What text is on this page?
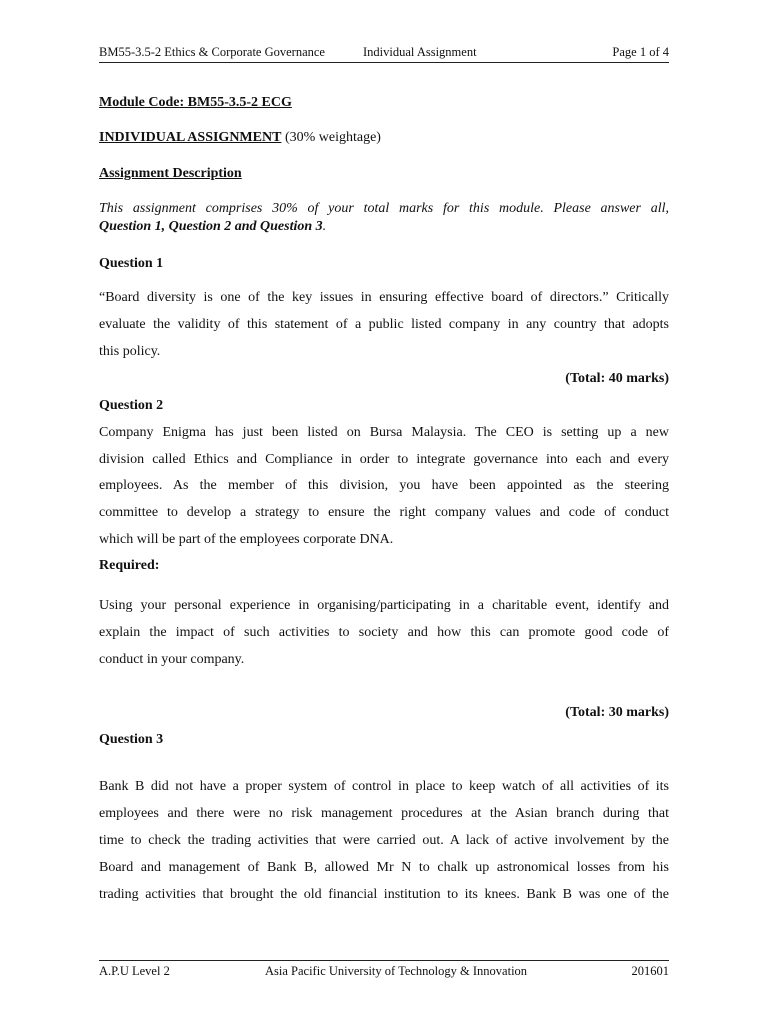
BM55-3.5-2 Ethics & Corporate Governance	Individual Assignment	Page 1 of 4
Module Code: BM55-3.5-2 ECG
INDIVIDUAL ASSIGNMENT (30% weightage)
Assignment Description
This assignment comprises 30% of your total marks for this module. Please answer all,
Question 1, Question 2 and Question 3.
Question 1
“Board diversity is one of the key issues in ensuring effective board of directors.” Critically
evaluate the validity of this statement of a public listed company in any country that adopts
this policy.
(Total: 40 marks)
Question 2
Company Enigma has just been listed on Bursa Malaysia. The CEO is setting up a new
division called Ethics and Compliance in order to integrate governance into each and every
employees. As the member of this division, you have been appointed as the steering
committee to develop a strategy to ensure the right company values and code of conduct
which will be part of the employees corporate DNA.
Required:
Using your personal experience in organising/participating in a charitable event, identify and
explain the impact of such activities to society and how this can promote good code of
conduct in your company.
(Total: 30 marks)
Question 3
Bank B did not have a proper system of control in place to keep watch of all activities of its
employees and there were no risk management procedures at the Asian branch during that
time to check the trading activities that were carried out. A lack of active involvement by the
Board and management of Bank B, allowed Mr N to chalk up astronomical losses from his
trading activities that brought the old financial institution to its knees. Bank B was one of the
A.P.U Level 2	Asia Pacific University of Technology & Innovation	201601
